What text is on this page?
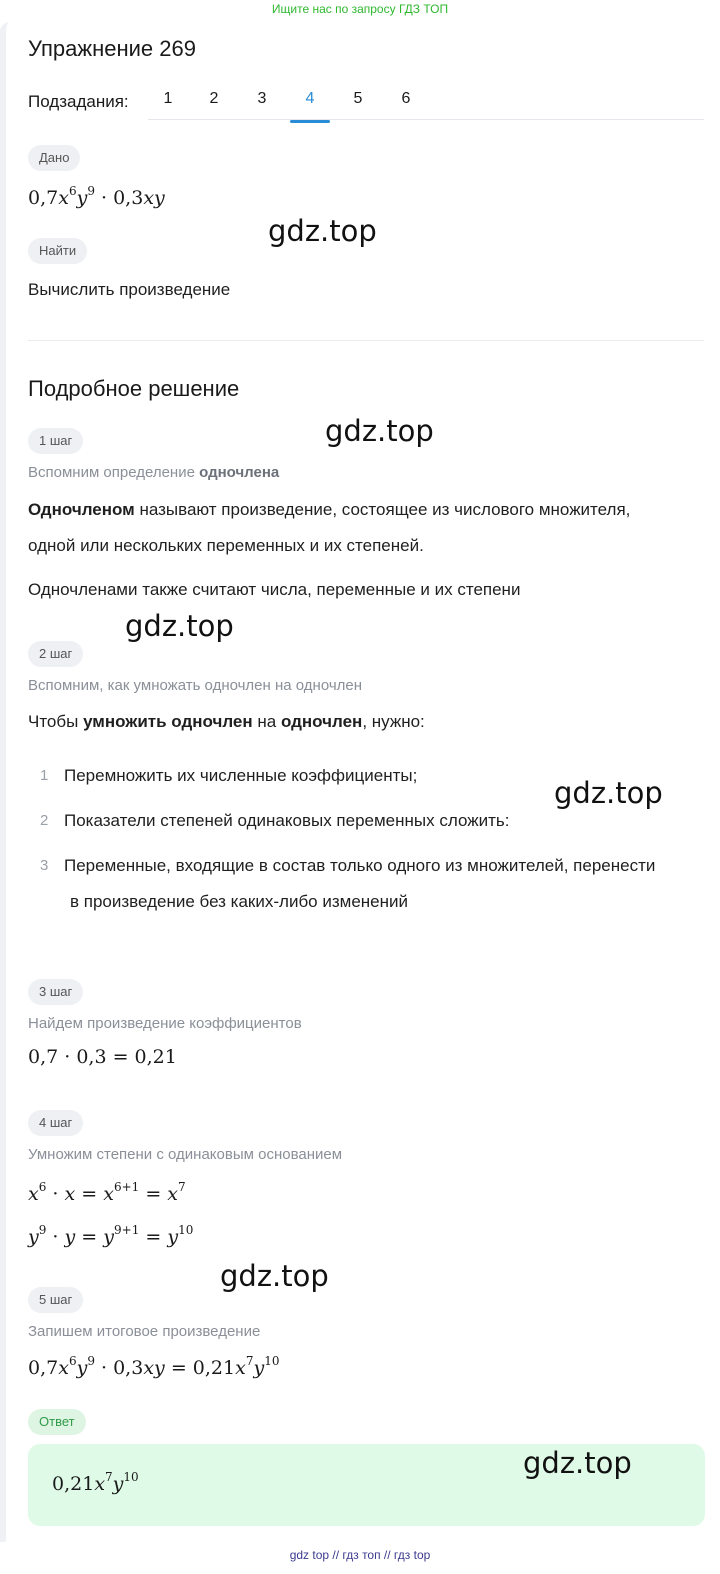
Ищите нас по запросу ГДЗ ТОП
Упражнение 269
Подзадания:	1	2	3	4	5	6
Дано
$0,7x^6y^9 \cdot 0,3xy$
gdz.top
Найти
Вычислить произведение
Подробное решение
gdz.top
1 шаг
Вспомним определение одночлена
Одночленом называют произведение, состоящее из числового множителя,
одной или нескольких переменных и их степеней.
Одночленами также считают числа, переменные и их степени
gdz.top
2 шаг
Вспомним, как умножать одночлен на одночлен
Чтобы умножить одночлен на одночлен, нужно:
1 Перемножить их численные коэффициенты;
2 Показатели степеней одинаковых переменных сложить:
3 Переменные, входящие в состав только одного из множителей, перенести
в произведение без каких-либо изменений
gdz.top
3 шаг
Найдем произведение коэффициентов
0,7 · 0,3 = 0,21
4 шаг
Умножим степени с одинаковым основанием
$x^6 \cdot x = x^{6+1} = x^7$
$y^9 \cdot y = y^{9+1} = y^{10}$
gdz.top
5 шаг
Запишем итоговое произведение
$0,7x^6y^9 \cdot 0,3xy = 0,21x^7y^{10}$
Ответ
$0,21x^7y^{10}$	gdz.top
gdz top // гдз топ // гдз top
